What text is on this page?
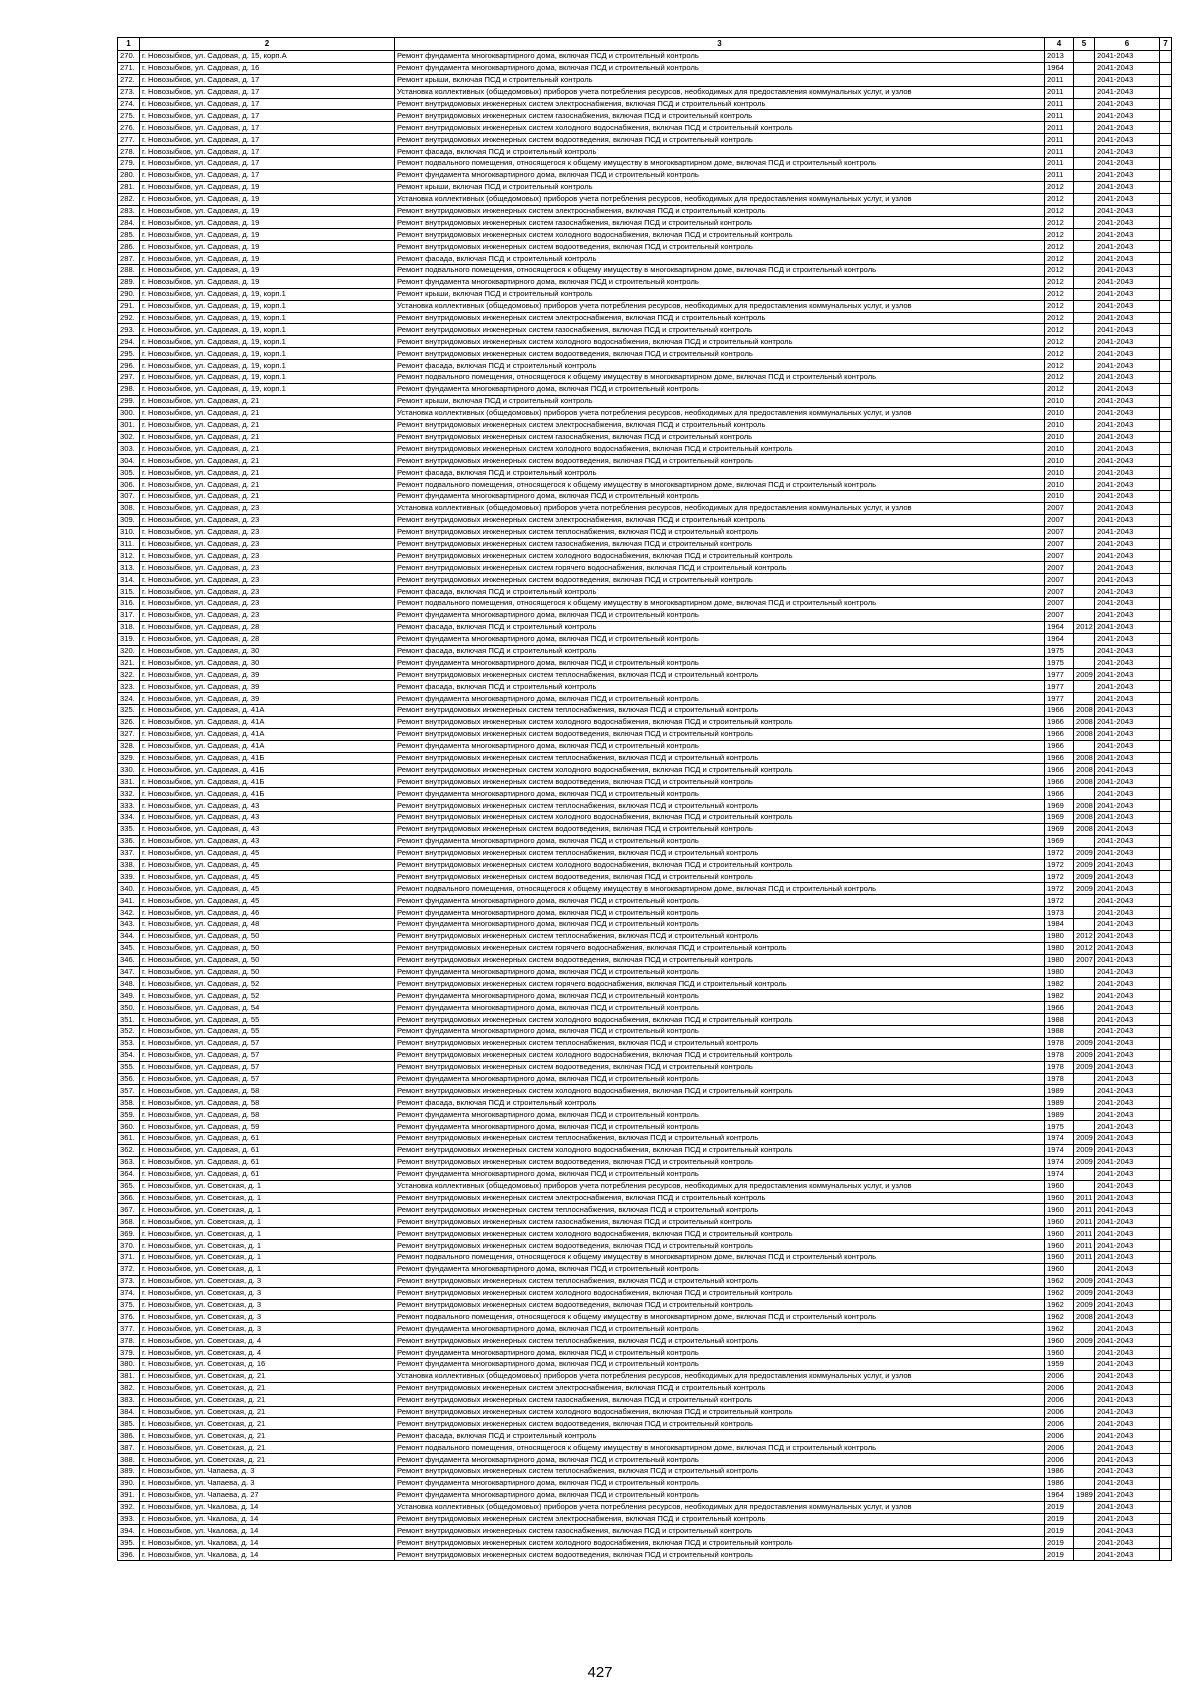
1	2	3	4	5	6	7
270.	г. Новозыбков, ул. Садовая, д. 15, корп.А	Ремонт фундамента многоквартирного дома, включая ПСД и строительный контроль	2013		2041-2043	
271.	г. Новозыбков, ул. Садовая, д. 16	Ремонт фундамента многоквартирного дома, включая ПСД и строительный контроль	1964		2041-2043	
272.	г. Новозыбков, ул. Садовая, д. 17	Ремонт крыши, включая ПСД и строительный контроль	2011		2041-2043	
273.	г. Новозыбков, ул. Садовая, д. 17	Установка коллективных (общедомовых) приборов учета потребления ресурсов, необходимых для предоставления коммунальных услуг, и узлов	2011		2041-2043	
274.	г. Новозыбков, ул. Садовая, д. 17	Ремонт внутридомовых инженерных систем электроснабжения, включая ПСД и строительный контроль	2011		2041-2043	
275.	г. Новозыбков, ул. Садовая, д. 17	Ремонт внутридомовых инженерных систем газоснабжения, включая ПСД и строительный контроль	2011		2041-2043	
276.	г. Новозыбков, ул. Садовая, д. 17	Ремонт внутридомовых инженерных систем холодного водоснабжения, включая ПСД и строительный контроль	2011		2041-2043	
277.	г. Новозыбков, ул. Садовая, д. 17	Ремонт внутридомовых инженерных систем водоотведения, включая ПСД и строительный контроль	2011		2041-2043	
278.	г. Новозыбков, ул. Садовая, д. 17	Ремонт фасада, включая ПСД и строительный контроль	2011		2041-2043	
279.	г. Новозыбков, ул. Садовая, д. 17	Ремонт подвального помещения, относящегося к общему имуществу в многоквартирном доме, включая ПСД и строительный контроль	2011		2041-2043	
280.	г. Новозыбков, ул. Садовая, д. 17	Ремонт фундамента многоквартирного дома, включая ПСД и строительный контроль	2011		2041-2043	
281.	г. Новозыбков, ул. Садовая, д. 19	Ремонт крыши, включая ПСД и строительный контроль	2012		2041-2043	
282.	г. Новозыбков, ул. Садовая, д. 19	Установка коллективных (общедомовых) приборов учета потребления ресурсов, необходимых для предоставления коммунальных услуг, и узлов	2012		2041-2043	
283.	г. Новозыбков, ул. Садовая, д. 19	Ремонт внутридомовых инженерных систем электроснабжения, включая ПСД и строительный контроль	2012		2041-2043	
284.	г. Новозыбков, ул. Садовая, д. 19	Ремонт внутридомовых инженерных систем газоснабжения, включая ПСД и строительный контроль	2012		2041-2043	
285.	г. Новозыбков, ул. Садовая, д. 19	Ремонт внутридомовых инженерных систем холодного водоснабжения, включая ПСД и строительный контроль	2012		2041-2043	
286.	г. Новозыбков, ул. Садовая, д. 19	Ремонт внутридомовых инженерных систем водоотведения, включая ПСД и строительный контроль	2012		2041-2043	
287.	г. Новозыбков, ул. Садовая, д. 19	Ремонт фасада, включая ПСД и строительный контроль	2012		2041-2043	
288.	г. Новозыбков, ул. Садовая, д. 19	Ремонт подвального помещения, относящегося к общему имуществу в многоквартирном доме, включая ПСД и строительный контроль	2012		2041-2043	
289.	г. Новозыбков, ул. Садовая, д. 19	Ремонт фундамента многоквартирного дома, включая ПСД и строительный контроль	2012		2041-2043	
290.	г. Новозыбков, ул. Садовая, д. 19, корп.1	Ремонт крыши, включая ПСД и строительный контроль	2012		2041-2043	
291.	г. Новозыбков, ул. Садовая, д. 19, корп.1	Установка коллективных (общедомовых) приборов учета потребления ресурсов, необходимых для предоставления коммунальных услуг, и узлов	2012		2041-2043	
292.	г. Новозыбков, ул. Садовая, д. 19, корп.1	Ремонт внутридомовых инженерных систем электроснабжения, включая ПСД и строительный контроль	2012		2041-2043	
293.	г. Новозыбков, ул. Садовая, д. 19, корп.1	Ремонт внутридомовых инженерных систем газоснабжения, включая ПСД и строительный контроль	2012		2041-2043	
294.	г. Новозыбков, ул. Садовая, д. 19, корп.1	Ремонт внутридомовых инженерных систем холодного водоснабжения, включая ПСД и строительный контроль	2012		2041-2043	
295.	г. Новозыбков, ул. Садовая, д. 19, корп.1	Ремонт внутридомовых инженерных систем водоотведения, включая ПСД и строительный контроль	2012		2041-2043	
296.	г. Новозыбков, ул. Садовая, д. 19, корп.1	Ремонт фасада, включая ПСД и строительный контроль	2012		2041-2043	
297.	г. Новозыбков, ул. Садовая, д. 19, корп.1	Ремонт подвального помещения, относящегося к общему имуществу в многоквартирном доме, включая ПСД и строительный контроль	2012		2041-2043	
298.	г. Новозыбков, ул. Садовая, д. 19, корп.1	Ремонт фундамента многоквартирного дома, включая ПСД и строительный контроль	2012		2041-2043	
299.	г. Новозыбков, ул. Садовая, д. 21	Ремонт крыши, включая ПСД и строительный контроль	2010		2041-2043	
300.	г. Новозыбков, ул. Садовая, д. 21	Установка коллективных (общедомовых) приборов учета потребления ресурсов, необходимых для предоставления коммунальных услуг, и узлов	2010		2041-2043	
301.	г. Новозыбков, ул. Садовая, д. 21	Ремонт внутридомовых инженерных систем электроснабжения, включая ПСД и строительный контроль	2010		2041-2043	
302.	г. Новозыбков, ул. Садовая, д. 21	Ремонт внутридомовых инженерных систем газоснабжения, включая ПСД и строительный контроль	2010		2041-2043	
303.	г. Новозыбков, ул. Садовая, д. 21	Ремонт внутридомовых инженерных систем холодного водоснабжения, включая ПСД и строительный контроль	2010		2041-2043	
304.	г. Новозыбков, ул. Садовая, д. 21	Ремонт внутридомовых инженерных систем водоотведения, включая ПСД и строительный контроль	2010		2041-2043	
305.	г. Новозыбков, ул. Садовая, д. 21	Ремонт фасада, включая ПСД и строительный контроль	2010		2041-2043	
306.	г. Новозыбков, ул. Садовая, д. 21	Ремонт подвального помещения, относящегося к общему имуществу в многоквартирном доме, включая ПСД и строительный контроль	2010		2041-2043	
307.	г. Новозыбков, ул. Садовая, д. 21	Ремонт фундамента многоквартирного дома, включая ПСД и строительный контроль	2010		2041-2043	
308.	г. Новозыбков, ул. Садовая, д. 23	Установка коллективных (общедомовых) приборов учета потребления ресурсов, необходимых для предоставления коммунальных услуг, и узлов	2007		2041-2043	
309.	г. Новозыбков, ул. Садовая, д. 23	Ремонт внутридомовых инженерных систем электроснабжения, включая ПСД и строительный контроль	2007		2041-2043	
310.	г. Новозыбков, ул. Садовая, д. 23	Ремонт внутридомовых инженерных систем теплоснабжения, включая ПСД и строительный контроль	2007		2041-2043	
311.	г. Новозыбков, ул. Садовая, д. 23	Ремонт внутридомовых инженерных систем газоснабжения, включая ПСД и строительный контроль	2007		2041-2043	
312.	г. Новозыбков, ул. Садовая, д. 23	Ремонт внутридомовых инженерных систем холодного водоснабжения, включая ПСД и строительный контроль	2007		2041-2043	
313.	г. Новозыбков, ул. Садовая, д. 23	Ремонт внутридомовых инженерных систем горячего водоснабжения, включая ПСД и строительный контроль	2007		2041-2043	
314.	г. Новозыбков, ул. Садовая, д. 23	Ремонт внутридомовых инженерных систем водоотведения, включая ПСД и строительный контроль	2007		2041-2043	
315.	г. Новозыбков, ул. Садовая, д. 23	Ремонт фасада, включая ПСД и строительный контроль	2007		2041-2043	
316.	г. Новозыбков, ул. Садовая, д. 23	Ремонт подвального помещения, относящегося к общему имуществу в многоквартирном доме, включая ПСД и строительный контроль	2007		2041-2043	
317.	г. Новозыбков, ул. Садовая, д. 23	Ремонт фундамента многоквартирного дома, включая ПСД и строительный контроль	2007		2041-2043	
318.	г. Новозыбков, ул. Садовая, д. 28	Ремонт фасада, включая ПСД и строительный контроль	1964	2012	2041-2043	
319.	г. Новозыбков, ул. Садовая, д. 28	Ремонт фундамента многоквартирного дома, включая ПСД и строительный контроль	1964		2041-2043	
320.	г. Новозыбков, ул. Садовая, д. 30	Ремонт фасада, включая ПСД и строительный контроль	1975		2041-2043	
321.	г. Новозыбков, ул. Садовая, д. 30	Ремонт фундамента многоквартирного дома, включая ПСД и строительный контроль	1975		2041-2043	
322.	г. Новозыбков, ул. Садовая, д. 39	Ремонт внутридомовых инженерных систем теплоснабжения, включая ПСД и строительный контроль	1977	2009	2041-2043	
323.	г. Новозыбков, ул. Садовая, д. 39	Ремонт фасада, включая ПСД и строительный контроль	1977		2041-2043	
324.	г. Новозыбков, ул. Садовая, д. 39	Ремонт фундамента многоквартирного дома, включая ПСД и строительный контроль	1977		2041-2043	
325.	г. Новозыбков, ул. Садовая, д. 41А	Ремонт внутридомовых инженерных систем теплоснабжения, включая ПСД и строительный контроль	1966	2008	2041-2043	
326.	г. Новозыбков, ул. Садовая, д. 41А	Ремонт внутридомовых инженерных систем холодного водоснабжения, включая ПСД и строительный контроль	1966	2008	2041-2043	
327.	г. Новозыбков, ул. Садовая, д. 41А	Ремонт внутридомовых инженерных систем водоотведения, включая ПСД и строительный контроль	1966	2008	2041-2043	
328.	г. Новозыбков, ул. Садовая, д. 41А	Ремонт фундамента многоквартирного дома, включая ПСД и строительный контроль	1966		2041-2043	
329.	г. Новозыбков, ул. Садовая, д. 41Б	Ремонт внутридомовых инженерных систем теплоснабжения, включая ПСД и строительный контроль	1966	2008	2041-2043	
330.	г. Новозыбков, ул. Садовая, д. 41Б	Ремонт внутридомовых инженерных систем холодного водоснабжения, включая ПСД и строительный контроль	1966	2008	2041-2043	
331.	г. Новозыбков, ул. Садовая, д. 41Б	Ремонт внутридомовых инженерных систем водоотведения, включая ПСД и строительный контроль	1966	2008	2041-2043	
332.	г. Новозыбков, ул. Садовая, д. 41Б	Ремонт фундамента многоквартирного дома, включая ПСД и строительный контроль	1966		2041-2043	
333.	г. Новозыбков, ул. Садовая, д. 43	Ремонт внутридомовых инженерных систем теплоснабжения, включая ПСД и строительный контроль	1969	2008	2041-2043	
334.	г. Новозыбков, ул. Садовая, д. 43	Ремонт внутридомовых инженерных систем холодного водоснабжения, включая ПСД и строительный контроль	1969	2008	2041-2043	
335.	г. Новозыбков, ул. Садовая, д. 43	Ремонт внутридомовых инженерных систем водоотведения, включая ПСД и строительный контроль	1969	2008	2041-2043	
336.	г. Новозыбков, ул. Садовая, д. 43	Ремонт фундамента многоквартирного дома, включая ПСД и строительный контроль	1969		2041-2043	
337.	г. Новозыбков, ул. Садовая, д. 45	Ремонт внутридомовых инженерных систем теплоснабжения, включая ПСД и строительный контроль	1972	2009	2041-2043	
338.	г. Новозыбков, ул. Садовая, д. 45	Ремонт внутридомовых инженерных систем холодного водоснабжения, включая ПСД и строительный контроль	1972	2009	2041-2043	
339.	г. Новозыбков, ул. Садовая, д. 45	Ремонт внутридомовых инженерных систем водоотведения, включая ПСД и строительный контроль	1972	2009	2041-2043	
340.	г. Новозыбков, ул. Садовая, д. 45	Ремонт подвального помещения, относящегося к общему имуществу в многоквартирном доме, включая ПСД и строительный контроль	1972	2009	2041-2043	
341.	г. Новозыбков, ул. Садовая, д. 45	Ремонт фундамента многоквартирного дома, включая ПСД и строительный контроль	1972		2041-2043	
342.	г. Новозыбков, ул. Садовая, д. 46	Ремонт фундамента многоквартирного дома, включая ПСД и строительный контроль	1973		2041-2043	
343.	г. Новозыбков, ул. Садовая, д. 48	Ремонт фундамента многоквартирного дома, включая ПСД и строительный контроль	1984		2041-2043	
344.	г. Новозыбков, ул. Садовая, д. 50	Ремонт внутридомовых инженерных систем теплоснабжения, включая ПСД и строительный контроль	1980	2012	2041-2043	
345.	г. Новозыбков, ул. Садовая, д. 50	Ремонт внутридомовых инженерных систем горячего водоснабжения, включая ПСД и строительный контроль	1980	2012	2041-2043	
346.	г. Новозыбков, ул. Садовая, д. 50	Ремонт внутридомовых инженерных систем водоотведения, включая ПСД и строительный контроль	1980	2007	2041-2043	
347.	г. Новозыбков, ул. Садовая, д. 50	Ремонт фундамента многоквартирного дома, включая ПСД и строительный контроль	1980		2041-2043	
348.	г. Новозыбков, ул. Садовая, д. 52	Ремонт внутридомовых инженерных систем горячего водоснабжения, включая ПСД и строительный контроль	1982		2041-2043	
349.	г. Новозыбков, ул. Садовая, д. 52	Ремонт фундамента многоквартирного дома, включая ПСД и строительный контроль	1982		2041-2043	
350.	г. Новозыбков, ул. Садовая, д. 54	Ремонт фундамента многоквартирного дома, включая ПСД и строительный контроль	1966		2041-2043	
351.	г. Новозыбков, ул. Садовая, д. 55	Ремонт внутридомовых инженерных систем холодного водоснабжения, включая ПСД и строительный контроль	1988		2041-2043	
352.	г. Новозыбков, ул. Садовая, д. 55	Ремонт фундамента многоквартирного дома, включая ПСД и строительный контроль	1988		2041-2043	
353.	г. Новозыбков, ул. Садовая, д. 57	Ремонт внутридомовых инженерных систем теплоснабжения, включая ПСД и строительный контроль	1978	2009	2041-2043	
354.	г. Новозыбков, ул. Садовая, д. 57	Ремонт внутридомовых инженерных систем холодного водоснабжения, включая ПСД и строительный контроль	1978	2009	2041-2043	
355.	г. Новозыбков, ул. Садовая, д. 57	Ремонт внутридомовых инженерных систем водоотведения, включая ПСД и строительный контроль	1978	2009	2041-2043	
356.	г. Новозыбков, ул. Садовая, д. 57	Ремонт фундамента многоквартирного дома, включая ПСД и строительный контроль	1978		2041-2043	
357.	г. Новозыбков, ул. Садовая, д. 58	Ремонт внутридомовых инженерных систем холодного водоснабжения, включая ПСД и строительный контроль	1989		2041-2043	
358.	г. Новозыбков, ул. Садовая, д. 58	Ремонт фасада, включая ПСД и строительный контроль	1989		2041-2043	
359.	г. Новозыбков, ул. Садовая, д. 58	Ремонт фундамента многоквартирного дома, включая ПСД и строительный контроль	1989		2041-2043	
360.	г. Новозыбков, ул. Садовая, д. 59	Ремонт фундамента многоквартирного дома, включая ПСД и строительный контроль	1975		2041-2043	
361.	г. Новозыбков, ул. Садовая, д. 61	Ремонт внутридомовых инженерных систем теплоснабжения, включая ПСД и строительный контроль	1974	2009	2041-2043	
362.	г. Новозыбков, ул. Садовая, д. 61	Ремонт внутридомовых инженерных систем холодного водоснабжения, включая ПСД и строительный контроль	1974	2009	2041-2043	
363.	г. Новозыбков, ул. Садовая, д. 61	Ремонт внутридомовых инженерных систем водоотведения, включая ПСД и строительный контроль	1974	2009	2041-2043	
364.	г. Новозыбков, ул. Садовая, д. 61	Ремонт фундамента многоквартирного дома, включая ПСД и строительный контроль	1974		2041-2043	
365.	г. Новозыбков, ул. Советская, д. 1	Установка коллективных (общедомовых) приборов учета потребления ресурсов, необходимых для предоставления коммунальных услуг, и узлов	1960		2041-2043	
366.	г. Новозыбков, ул. Советская, д. 1	Ремонт внутридомовых инженерных систем электроснабжения, включая ПСД и строительный контроль	1960	2011	2041-2043	
367.	г. Новозыбков, ул. Советская, д. 1	Ремонт внутридомовых инженерных систем теплоснабжения, включая ПСД и строительный контроль	1960	2011	2041-2043	
368.	г. Новозыбков, ул. Советская, д. 1	Ремонт внутридомовых инженерных систем газоснабжения, включая ПСД и строительный контроль	1960	2011	2041-2043	
369.	г. Новозыбков, ул. Советская, д. 1	Ремонт внутридомовых инженерных систем холодного водоснабжения, включая ПСД и строительный контроль	1960	2011	2041-2043	
370.	г. Новозыбков, ул. Советская, д. 1	Ремонт внутридомовых инженерных систем водоотведения, включая ПСД и строительный контроль	1960	2011	2041-2043	
371.	г. Новозыбков, ул. Советская, д. 1	Ремонт подвального помещения, относящегося к общему имуществу в многоквартирном доме, включая ПСД и строительный контроль	1960	2011	2041-2043	
372.	г. Новозыбков, ул. Советская, д. 1	Ремонт фундамента многоквартирного дома, включая ПСД и строительный контроль	1960		2041-2043	
373.	г. Новозыбков, ул. Советская, д. 3	Ремонт внутридомовых инженерных систем теплоснабжения, включая ПСД и строительный контроль	1962	2009	2041-2043	
374.	г. Новозыбков, ул. Советская, д. 3	Ремонт внутридомовых инженерных систем холодного водоснабжения, включая ПСД и строительный контроль	1962	2009	2041-2043	
375.	г. Новозыбков, ул. Советская, д. 3	Ремонт внутридомовых инженерных систем водоотведения, включая ПСД и строительный контроль	1962	2009	2041-2043	
376.	г. Новозыбков, ул. Советская, д. 3	Ремонт подвального помещения, относящегося к общему имуществу в многоквартирном доме, включая ПСД и строительный контроль	1962	2008	2041-2043	
377.	г. Новозыбков, ул. Советская, д. 3	Ремонт фундамента многоквартирного дома, включая ПСД и строительный контроль	1962		2041-2043	
378.	г. Новозыбков, ул. Советская, д. 4	Ремонт внутридомовых инженерных систем теплоснабжения, включая ПСД и строительный контроль	1960	2009	2041-2043	
379.	г. Новозыбков, ул. Советская, д. 4	Ремонт фундамента многоквартирного дома, включая ПСД и строительный контроль	1960		2041-2043	
380.	г. Новозыбков, ул. Советская, д. 16	Ремонт фундамента многоквартирного дома, включая ПСД и строительный контроль	1959		2041-2043	
381.	г. Новозыбков, ул. Советская, д. 21	Установка коллективных (общедомовых) приборов учета потребления ресурсов, необходимых для предоставления коммунальных услуг, и узлов	2006		2041-2043	
382.	г. Новозыбков, ул. Советская, д. 21	Ремонт внутридомовых инженерных систем электроснабжения, включая ПСД и строительный контроль	2006		2041-2043	
383.	г. Новозыбков, ул. Советская, д. 21	Ремонт внутридомовых инженерных систем газоснабжения, включая ПСД и строительный контроль	2006		2041-2043	
384.	г. Новозыбков, ул. Советская, д. 21	Ремонт внутридомовых инженерных систем холодного водоснабжения, включая ПСД и строительный контроль	2006		2041-2043	
385.	г. Новозыбков, ул. Советская, д. 21	Ремонт внутридомовых инженерных систем водоотведения, включая ПСД и строительный контроль	2006		2041-2043	
386.	г. Новозыбков, ул. Советская, д. 21	Ремонт фасада, включая ПСД и строительный контроль	2006		2041-2043	
387.	г. Новозыбков, ул. Советская, д. 21	Ремонт подвального помещения, относящегося к общему имуществу в многоквартирном доме, включая ПСД и строительный контроль	2006		2041-2043	
388.	г. Новозыбков, ул. Советская, д. 21	Ремонт фундамента многоквартирного дома, включая ПСД и строительный контроль	2006		2041-2043	
389.	г. Новозыбков, ул. Чапаева, д. 3	Ремонт внутридомовых инженерных систем теплоснабжения, включая ПСД и строительный контроль	1986		2041-2043	
390.	г. Новозыбков, ул. Чапаева, д. 3	Ремонт фундамента многоквартирного дома, включая ПСД и строительный контроль	1986		2041-2043	
391.	г. Новозыбков, ул. Чапаева, д. 27	Ремонт фундамента многоквартирного дома, включая ПСД и строительный контроль	1964	1989	2041-2043	
392.	г. Новозыбков, ул. Чкалова, д. 14	Установка коллективных (общедомовых) приборов учета потребления ресурсов, необходимых для предоставления коммунальных услуг, и узлов	2019		2041-2043	
393.	г. Новозыбков, ул. Чкалова, д. 14	Ремонт внутридомовых инженерных систем электроснабжения, включая ПСД и строительный контроль	2019		2041-2043	
394.	г. Новозыбков, ул. Чкалова, д. 14	Ремонт внутридомовых инженерных систем газоснабжения, включая ПСД и строительный контроль	2019		2041-2043	
395.	г. Новозыбков, ул. Чкалова, д. 14	Ремонт внутридомовых инженерных систем холодного водоснабжения, включая ПСД и строительный контроль	2019		2041-2043	
396.	г. Новозыбков, ул. Чкалова, д. 14	Ремонт внутридомовых инженерных систем водоотведения, включая ПСД и строительный контроль	2019		2041-2043	
427
